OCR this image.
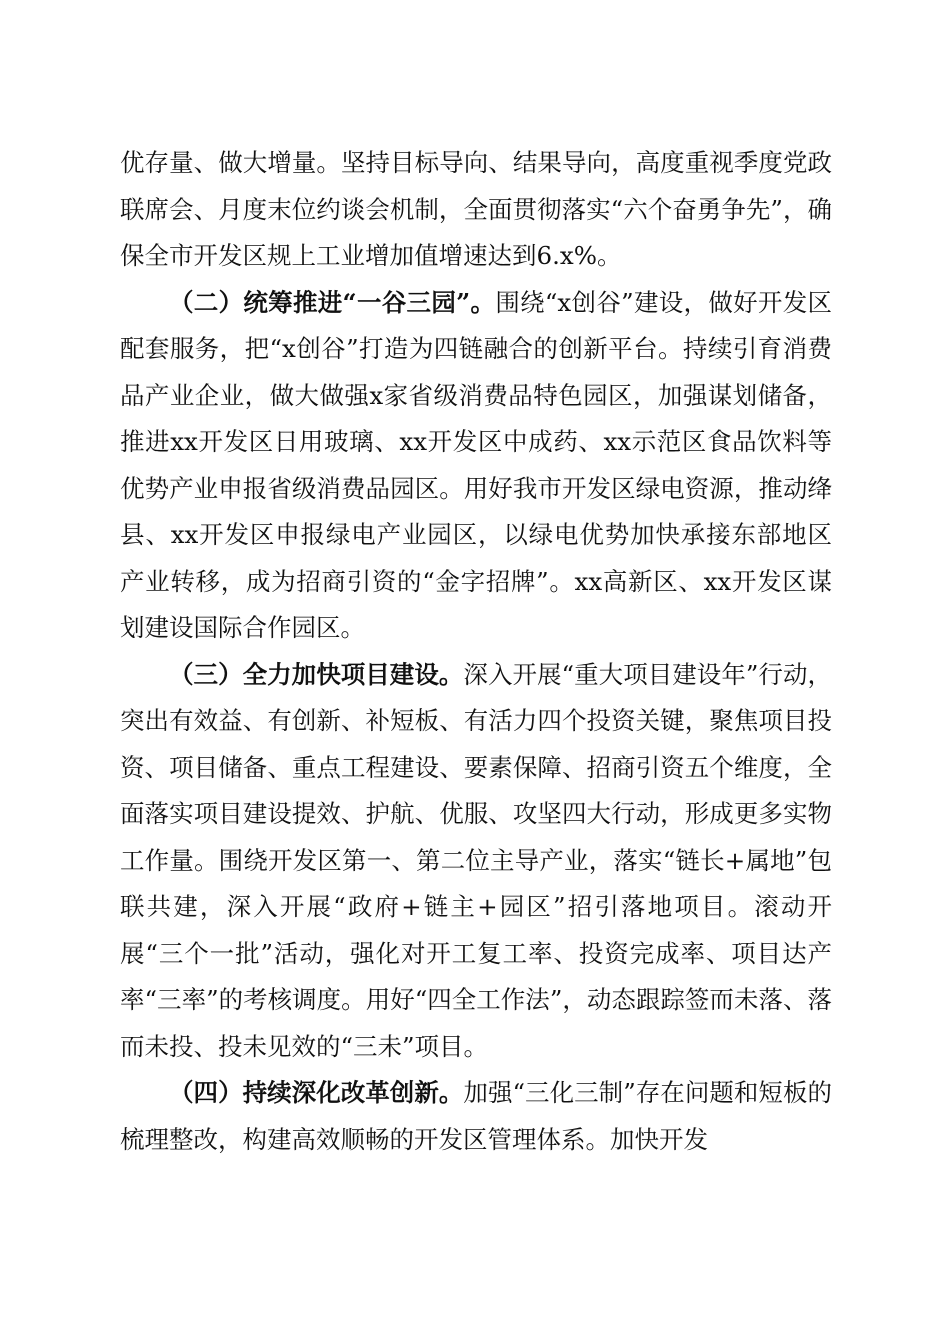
优存量、做大增量。坚持目标导向、结果导向，高度重视季度党政联席会、月度末位约谈会机制，全面贯彻落实“六个奋勇争先”，确保全市开发区规上工业增加值增速达到6.x%。

（二）统筹推进“一谷三园”。围绕“x创谷”建设，做好开发区配套服务，把“x创谷”打造为四链融合的创新平台。持续引育消费品产业企业，做大做强x家省级消费品特色园区，加强谋划储备，推进xx开发区日用玻璃、xx开发区中成药、xx示范区食品饮料等优势产业申报省级消费品园区。用好我市开发区绿电资源，推动绛县、xx开发区申报绿电产业园区，以绿电优势加快承接东部地区产业转移，成为招商引资的“金字招牌”。xx高新区、xx开发区谋划建设国际合作园区。

（三）全力加快项目建设。深入开展“重大项目建设年”行动，突出有效益、有创新、补短板、有活力四个投资关键，聚焦项目投资、项目储备、重点工程建设、要素保障、招商引资五个维度，全面落实项目建设提效、护航、优服、攻坚四大行动，形成更多实物工作量。围绕开发区第一、第二位主导产业，落实“链长+属地”包联共建，深入开展“政府+链主+园区”招引落地项目。滚动开展“三个一批”活动，强化对开工复工率、投资完成率、项目达产率“三率”的考核调度。用好“四全工作法”，动态跟踪签而未落、落而未投、投未见效的“三未”项目。

（四）持续深化改革创新。加强“三化三制”存在问题和短板的梳理整改，构建高效顺畅的开发区管理体系。加快开发
